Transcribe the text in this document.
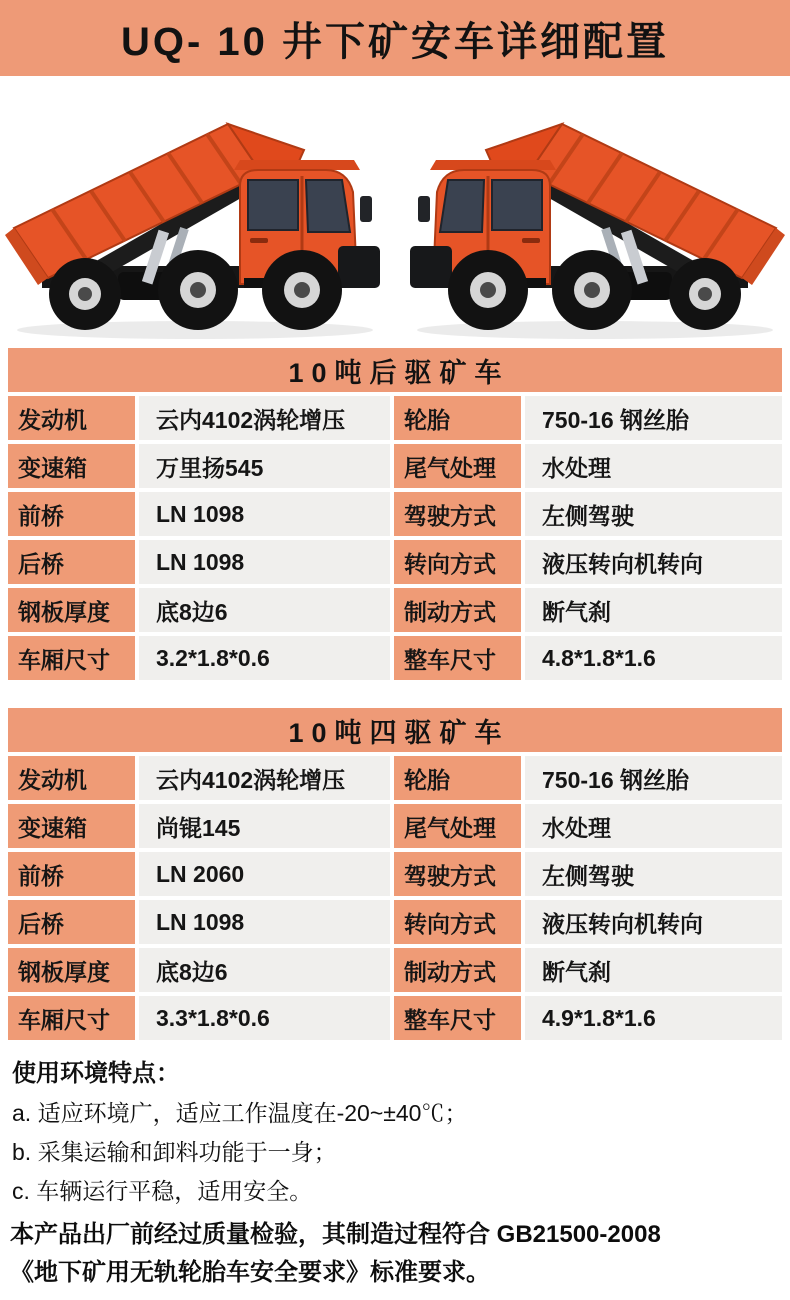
UQ- 10 井下矿安车详细配置
10吨后驱矿车
发动机	云内4102涡轮增压	轮胎	750-16 钢丝胎
变速箱	万里扬545	尾气处理	水处理
前桥	LN 1098	驾驶方式	左侧驾驶
后桥	LN 1098	转向方式	液压转向机转向
钢板厚度	底8边6	制动方式	断气刹
车厢尺寸	3.2*1.8*0.6	整车尺寸	4.8*1.8*1.6
10吨四驱矿车
发动机	云内4102涡轮增压	轮胎	750-16 钢丝胎
变速箱	尚锟145	尾气处理	水处理
前桥	LN 2060	驾驶方式	左侧驾驶
后桥	LN 1098	转向方式	液压转向机转向
钢板厚度	底8边6	制动方式	断气刹
车厢尺寸	3.3*1.8*0.6	整车尺寸	4.9*1.8*1.6

使用环境特点：

a. 适应环境广，适应工作温度在-20~±40℃；

b. 采集运输和卸料功能于一身；

c. 车辆运行平稳，适用安全。

本产品出厂前经过质量检验，其制造过程符合 GB21500-2008

《地下矿用无轨轮胎车安全要求》标准要求。
